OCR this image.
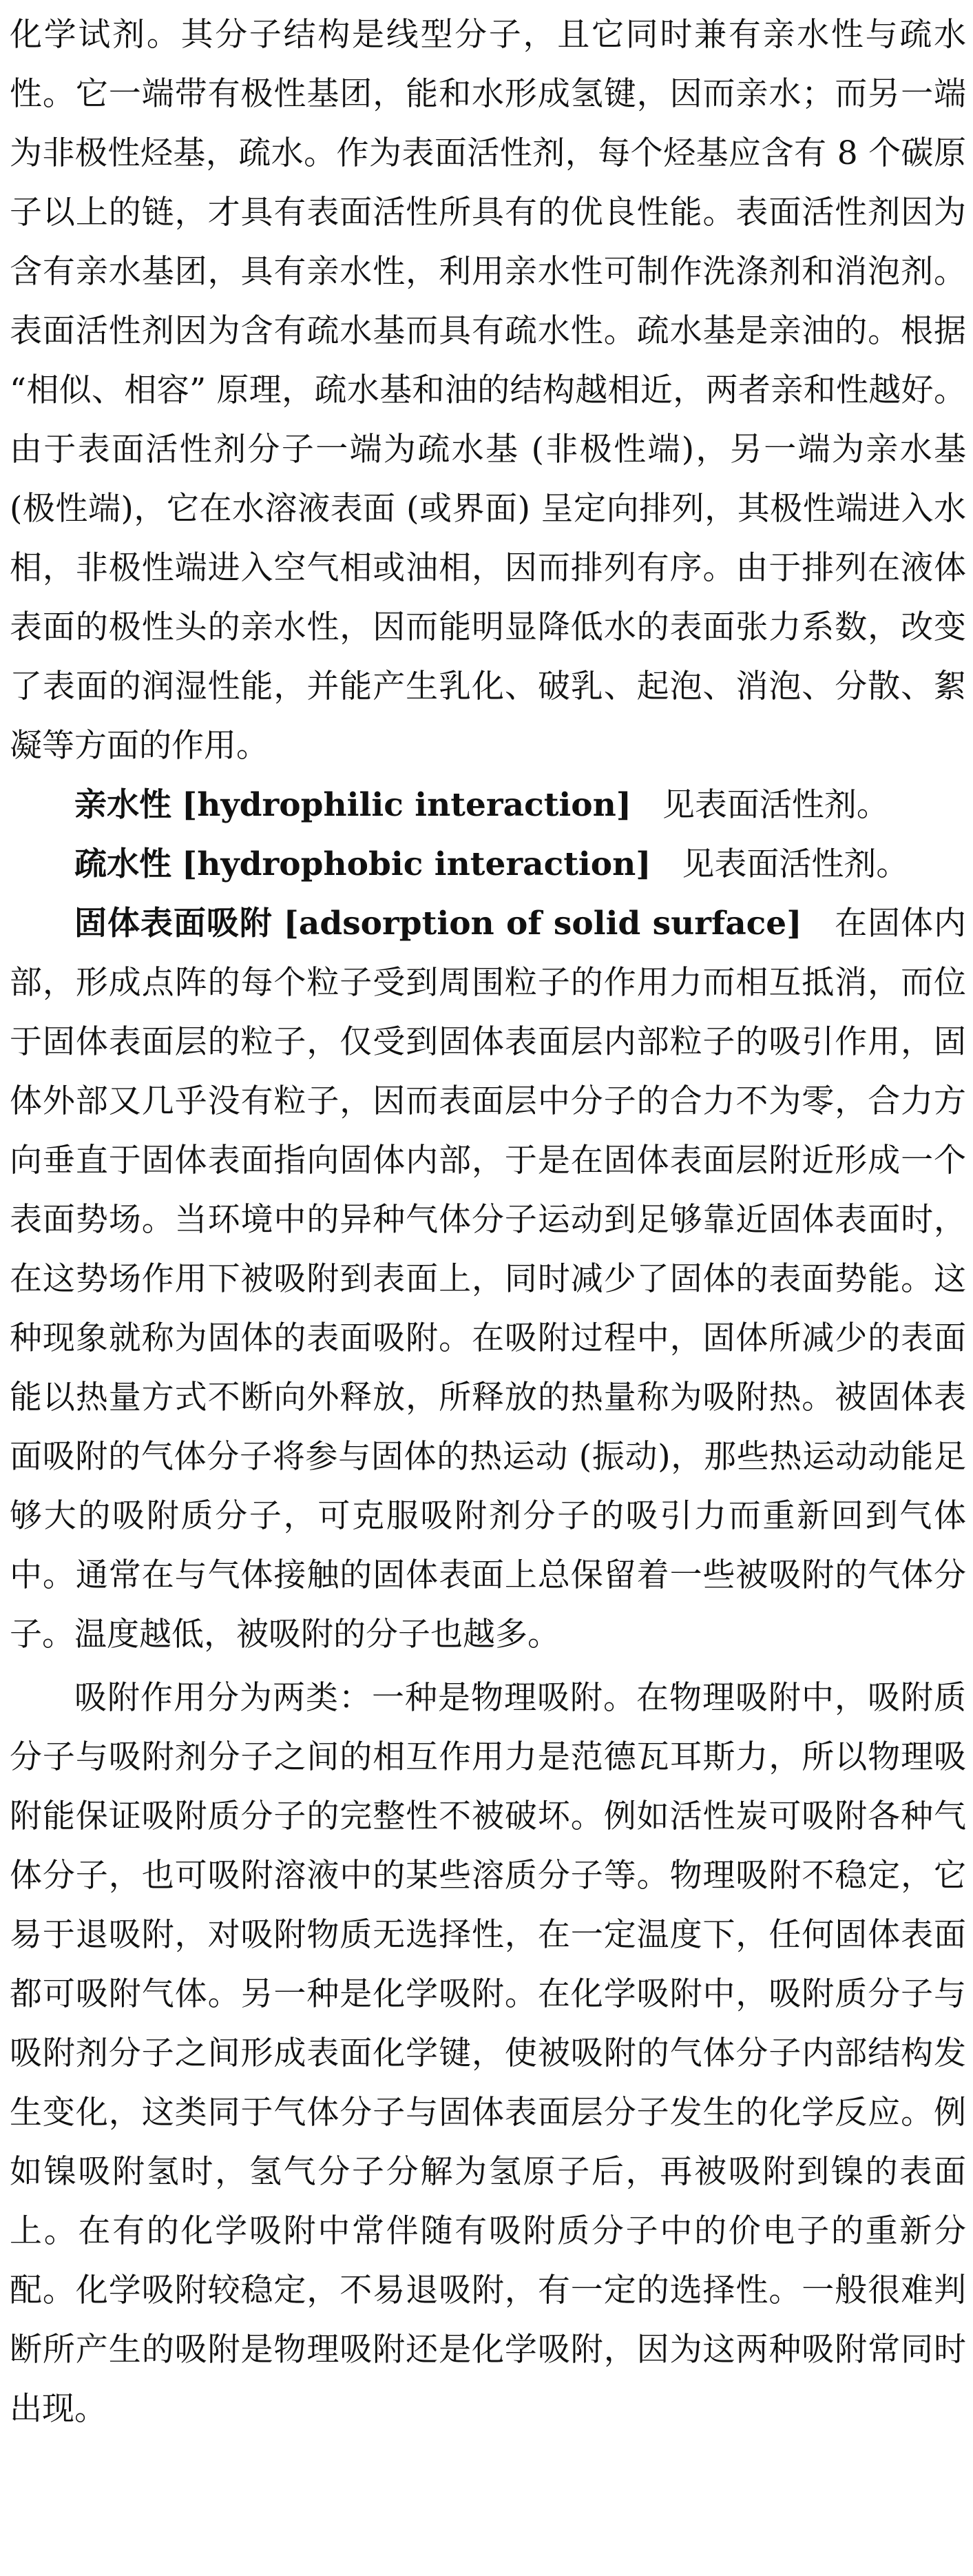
化学试剂。其分子结构是线型分子，且它同时兼有亲水性与疏水性。它一端带有极性基团，能和水形成氢键，因而亲水；而另一端为非极性烃基，疏水。作为表面活性剂，每个烃基应含有 8 个碳原子以上的链，才具有表面活性所具有的优良性能。表面活性剂因为含有亲水基团，具有亲水性，利用亲水性可制作洗涤剂和消泡剂。表面活性剂因为含有疏水基而具有疏水性。疏水基是亲油的。根据 “相似、相容” 原理，疏水基和油的结构越相近，两者亲和性越好。由于表面活性剂分子一端为疏水基 (非极性端)，另一端为亲水基 (极性端)，它在水溶液表面 (或界面) 呈定向排列，其极性端进入水相，非极性端进入空气相或油相，因而排列有序。由于排列在液体表面的极性头的亲水性，因而能明显降低水的表面张力系数，改变了表面的润湿性能，并能产生乳化、破乳、起泡、消泡、分散、絮凝等方面的作用。

亲水性 [hydrophilic interaction] 见表面活性剂。

疏水性 [hydrophobic interaction] 见表面活性剂。

固体表面吸附 [adsorption of solid surface] 在固体内部，形成点阵的每个粒子受到周围粒子的作用力而相互抵消，而位于固体表面层的粒子，仅受到固体表面层内部粒子的吸引作用，固体外部又几乎没有粒子，因而表面层中分子的合力不为零，合力方向垂直于固体表面指向固体内部，于是在固体表面层附近形成一个表面势场。当环境中的异种气体分子运动到足够靠近固体表面时，在这势场作用下被吸附到表面上，同时减少了固体的表面势能。这种现象就称为固体的表面吸附。在吸附过程中，固体所减少的表面能以热量方式不断向外释放，所释放的热量称为吸附热。被固体表面吸附的气体分子将参与固体的热运动 (振动)，那些热运动动能足够大的吸附质分子，可克服吸附剂分子的吸引力而重新回到气体中。通常在与气体接触的固体表面上总保留着一些被吸附的气体分子。温度越低，被吸附的分子也越多。

吸附作用分为两类：一种是物理吸附。在物理吸附中，吸附质分子与吸附剂分子之间的相互作用力是范德瓦耳斯力，所以物理吸附能保证吸附质分子的完整性不被破坏。例如活性炭可吸附各种气体分子，也可吸附溶液中的某些溶质分子等。物理吸附不稳定，它易于退吸附，对吸附物质无选择性，在一定温度下，任何固体表面都可吸附气体。另一种是化学吸附。在化学吸附中，吸附质分子与吸附剂分子之间形成表面化学键，使被吸附的气体分子内部结构发生变化，这类同于气体分子与固体表面层分子发生的化学反应。例如镍吸附氢时，氢气分子分解为氢原子后，再被吸附到镍的表面上。在有的化学吸附中常伴随有吸附质分子中的价电子的重新分配。化学吸附较稳定，不易退吸附，有一定的选择性。一般很难判断所产生的吸附是物理吸附还是化学吸附，因为这两种吸附常同时出现。
